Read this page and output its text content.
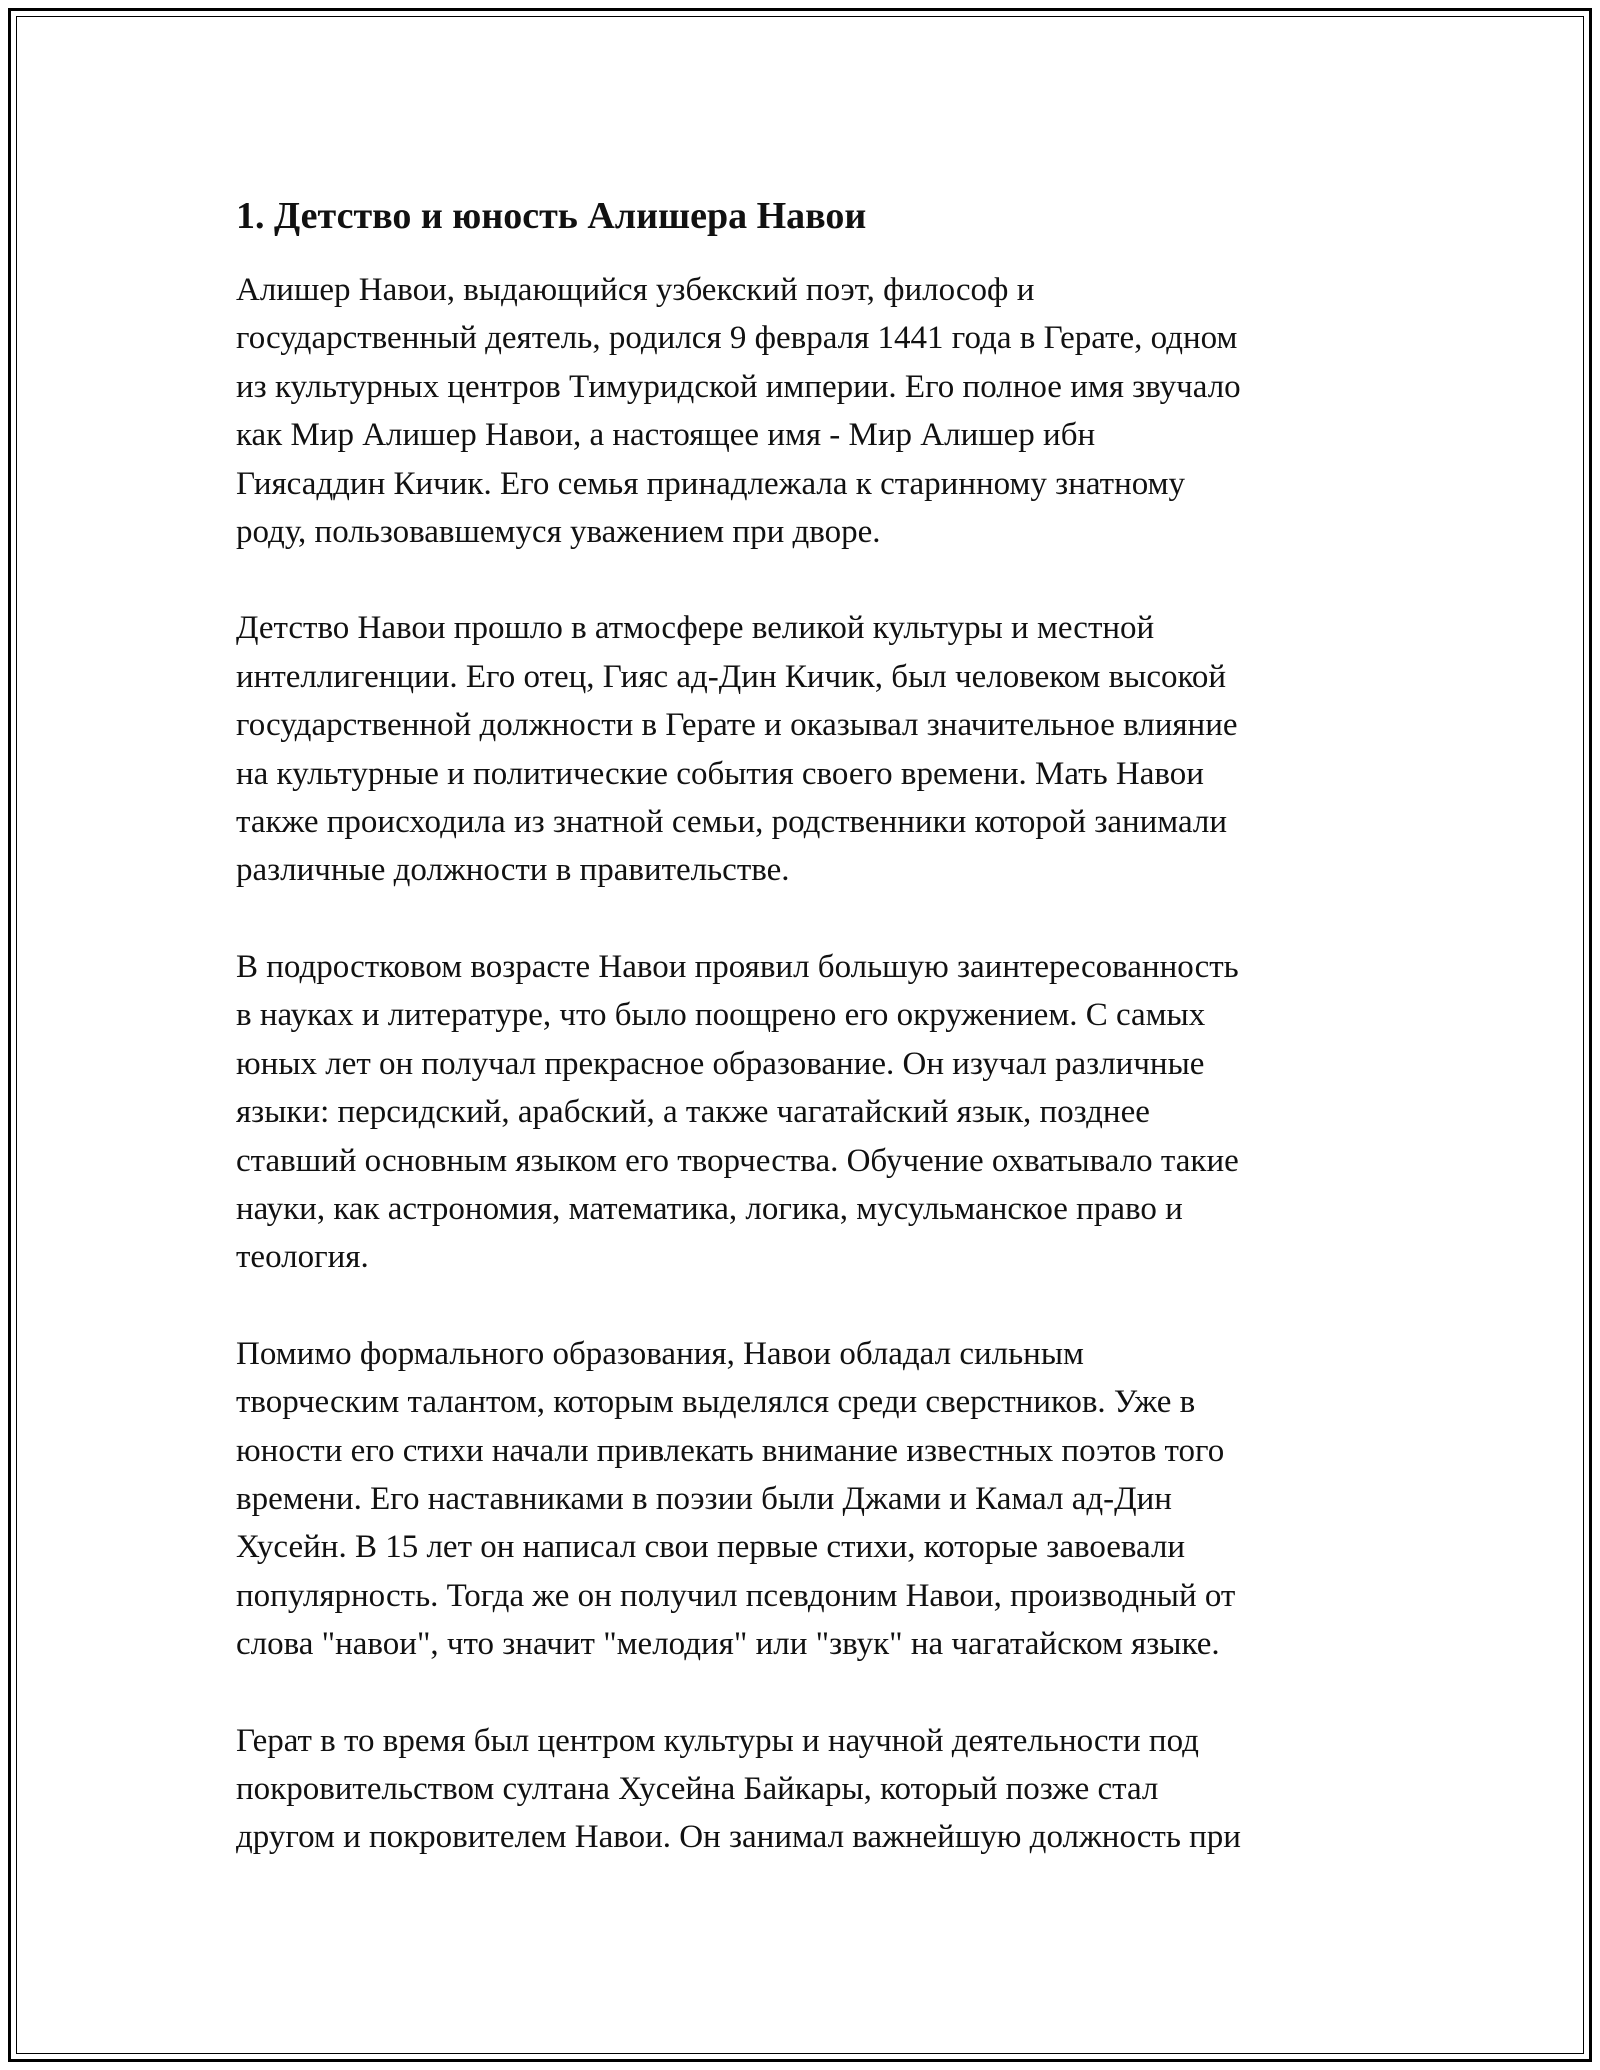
1. Детство и юность Алишера Навои

Алишер Навои, выдающийся узбекский поэт, философ и
государственный деятель, родился 9 февраля 1441 года в Герате, одном
из культурных центров Тимуридской империи. Его полное имя звучало
как Мир Алишер Навои, а настоящее имя - Мир Алишер ибн
Гиясаддин Кичик. Его семья принадлежала к старинному знатному
роду, пользовавшемуся уважением при дворе.

Детство Навои прошло в атмосфере великой культуры и местной
интеллигенции. Его отец, Гияс ад-Дин Кичик, был человеком высокой
государственной должности в Герате и оказывал значительное влияние
на культурные и политические события своего времени. Мать Навои
также происходила из знатной семьи, родственники которой занимали
различные должности в правительстве.

В подростковом возрасте Навои проявил большую заинтересованность
в науках и литературе, что было поощрено его окружением. С самых
юных лет он получал прекрасное образование. Он изучал различные
языки: персидский, арабский, а также чагатайский язык, позднее
ставший основным языком его творчества. Обучение охватывало такие
науки, как астрономия, математика, логика, мусульманское право и
теология.

Помимо формального образования, Навои обладал сильным
творческим талантом, которым выделялся среди сверстников. Уже в
юности его стихи начали привлекать внимание известных поэтов того
времени. Его наставниками в поэзии были Джами и Камал ад-Дин
Хусейн. В 15 лет он написал свои первые стихи, которые завоевали
популярность. Тогда же он получил псевдоним Навои, производный от
слова "навои", что значит "мелодия" или "звук" на чагатайском языке.

Герат в то время был центром культуры и научной деятельности под
покровительством султана Хусейна Байкары, который позже стал
другом и покровителем Навои. Он занимал важнейшую должность при
